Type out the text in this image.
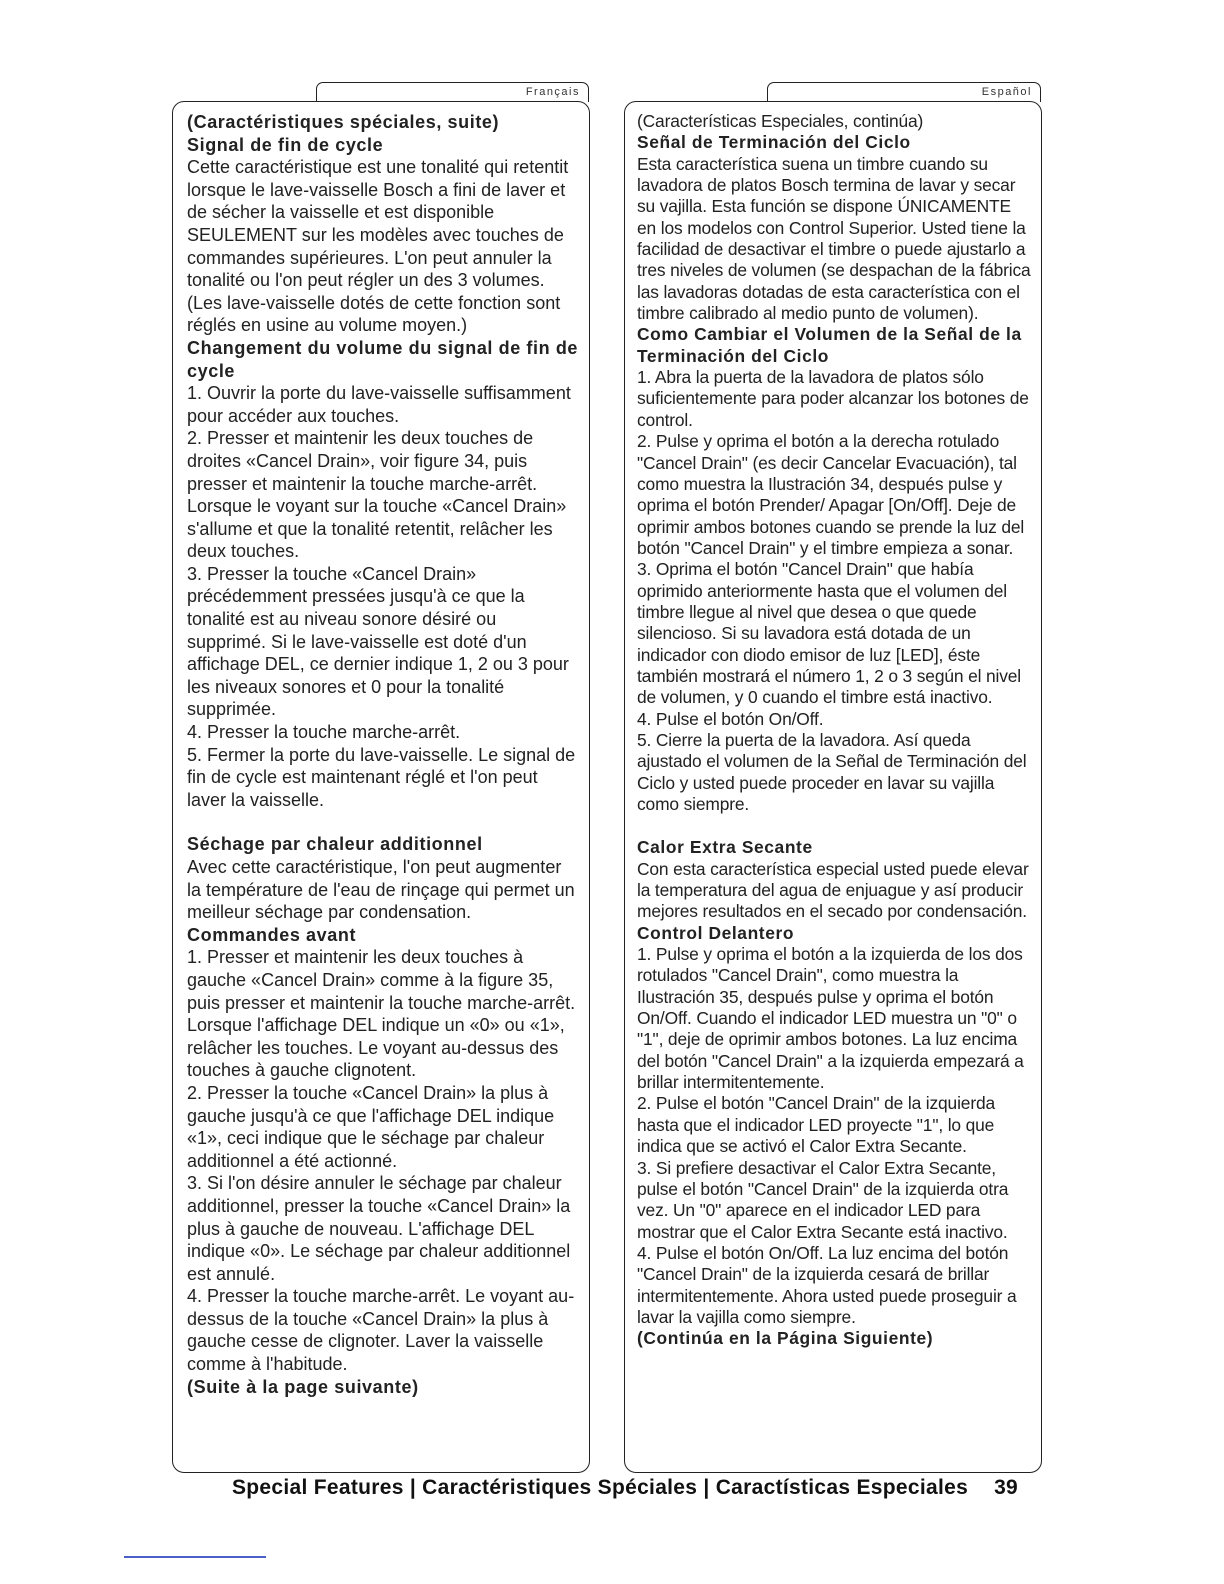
Français

(Caractéristiques spéciales, suite)

Signal de fin de cycle

Cette caractéristique est une tonalité qui retentit lorsque le lave-vaisselle Bosch a fini de laver et de sécher la vaisselle et est disponible SEULEMENT sur les modèles avec touches de commandes supérieures. L'on peut annuler la tonalité ou l'on peut régler un des 3 volumes. (Les lave-vaisselle dotés de cette fonction sont réglés en usine au volume moyen.)

Changement du volume du signal de fin de cycle

1. Ouvrir la porte du lave-vaisselle suffisamment pour accéder aux touches.

2. Presser et maintenir les deux touches de droites «Cancel Drain», voir figure 34, puis presser et maintenir la touche marche-arrêt. Lorsque le voyant sur la touche «Cancel Drain» s'allume et que la tonalité retentit, relâcher les deux touches.

3. Presser la touche «Cancel Drain» précédemment pressées jusqu'à ce que la tonalité est au niveau sonore désiré ou supprimé. Si le lave-vaisselle est doté d'un affichage DEL, ce dernier indique 1, 2 ou 3 pour les niveaux sonores et 0 pour la tonalité supprimée.

4. Presser la touche marche-arrêt.

5. Fermer la porte du lave-vaisselle. Le signal de fin de cycle est maintenant réglé et l'on peut laver la vaisselle.

Séchage par chaleur additionnel

Avec cette caractéristique, l'on peut augmenter la température de l'eau de rinçage qui permet un meilleur séchage par condensation.

Commandes avant

1. Presser et maintenir les deux touches à gauche «Cancel Drain» comme à la figure 35, puis presser et maintenir la touche marche-arrêt. Lorsque l'affichage DEL indique un «0» ou «1», relâcher les touches. Le voyant au-dessus des touches à gauche clignotent.

2. Presser la touche «Cancel Drain» la plus à gauche jusqu'à ce que l'affichage DEL indique «1», ceci indique que le séchage par chaleur additionnel a été actionné.

3. Si l'on désire annuler le séchage par chaleur additionnel, presser la touche «Cancel Drain» la plus à gauche de nouveau. L'affichage DEL indique «0». Le séchage par chaleur additionnel est annulé.

4. Presser la touche marche-arrêt. Le voyant au-dessus de la touche «Cancel Drain» la plus à gauche cesse de clignoter. Laver la vaisselle comme à l'habitude.

(Suite à la page suivante)

Español

(Características Especiales, continúa)

Señal de Terminación del Ciclo

Esta característica suena un timbre cuando su lavadora de platos Bosch termina de lavar y secar su vajilla. Esta función se dispone ÚNICAMENTE en los modelos con Control Superior. Usted tiene la facilidad de desactivar el timbre o puede ajustarlo a tres niveles de volumen (se despachan de la fábrica las lavadoras dotadas de esta característica con el timbre calibrado al medio punto de volumen).

Como Cambiar el Volumen de la Señal de la Terminación del Ciclo

1. Abra la puerta de la lavadora de platos sólo suficientemente para poder alcanzar los botones de control.

2. Pulse y oprima el botón a la derecha rotulado "Cancel Drain" (es decir Cancelar Evacuación), tal como muestra la Ilustración 34, después pulse y oprima el botón Prender/ Apagar [On/Off]. Deje de oprimir ambos botones cuando se prende la luz del botón "Cancel Drain" y el timbre empieza a sonar.

3. Oprima el botón "Cancel Drain" que había oprimido anteriormente hasta que el volumen del timbre llegue al nivel que desea o que quede silencioso. Si su lavadora está dotada de un indicador con diodo emisor de luz [LED], éste también mostrará el número 1, 2 o 3 según el nivel de volumen, y 0 cuando el timbre está inactivo.

4. Pulse el botón On/Off.

5. Cierre la puerta de la lavadora. Así queda ajustado el volumen de la Señal de Terminación del Ciclo y usted puede proceder en lavar su vajilla como siempre.

Calor Extra Secante

Con esta característica especial usted puede elevar la temperatura del agua de enjuague y así producir mejores resultados en el secado por condensación.

Control Delantero

1. Pulse y oprima el botón a la izquierda de los dos rotulados "Cancel Drain", como muestra la Ilustración 35, después pulse y oprima el botón On/Off. Cuando el indicador LED muestra un "0" o "1", deje de oprimir ambos botones. La luz encima del botón "Cancel Drain" a la izquierda empezará a brillar intermitentemente.

2. Pulse el botón "Cancel Drain" de la izquierda hasta que el indicador LED proyecte "1", lo que indica que se activó el Calor Extra Secante.

3. Si prefiere desactivar el Calor Extra Secante, pulse el botón "Cancel Drain" de la izquierda otra vez. Un "0" aparece en el indicador LED para mostrar que el Calor Extra Secante está inactivo.

4. Pulse el botón On/Off. La luz encima del botón "Cancel Drain" de la izquierda cesará de brillar intermitentemente. Ahora usted puede proseguir a lavar la vajilla como siempre.

(Continúa en la Página Siguiente)

Special Features | Caractéristiques Spéciales | Caractísticas Especiales 39
